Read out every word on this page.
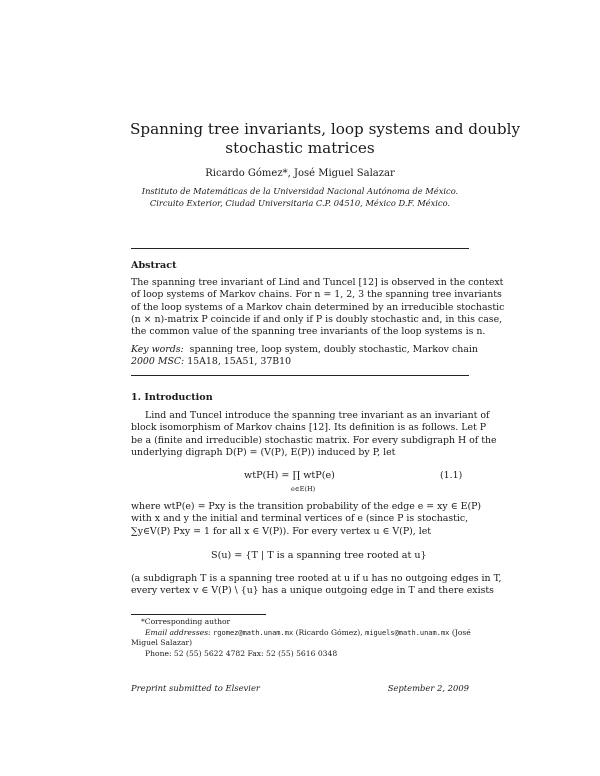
Spanning tree invariants, loop systems and doubly
stochastic matrices
Ricardo Gómez*, José Miguel Salazar
Instituto de Matemáticas de la Universidad Nacional Autónoma de México.
Circuito Exterior, Ciudad Universitaria C.P. 04510, México D.F. México.
Abstract
The spanning tree invariant of Lind and Tuncel [12] is observed in the context
of loop systems of Markov chains. For n = 1, 2, 3 the spanning tree invariants
of the loop systems of a Markov chain determined by an irreducible stochastic
(n × n)-matrix P coincide if and only if P is doubly stochastic and, in this case,
the common value of the spanning tree invariants of the loop systems is n.
Key words: spanning tree, loop system, doubly stochastic, Markov chain
2000 MSC: 15A18, 15A51, 37B10
1. Introduction
Lind and Tuncel introduce the spanning tree invariant as an invariant of
block isomorphism of Markov chains [12]. Its definition is as follows. Let P
be a (finite and irreducible) stochastic matrix. For every subdigraph H of the
underlying digraph D(P) = (V(P), E(P)) induced by P, let
wtP(H) = ∏ wtP(e)
e∈E(H)
(1.1)
where wtP(e) = Pxy is the transition probability of the edge e = xy ∈ E(P)
with x and y the initial and terminal vertices of e (since P is stochastic,
∑y∈V(P) Pxy = 1 for all x ∈ V(P)). For every vertex u ∈ V(P), let
S(u) = {T | T is a spanning tree rooted at u}
(a subdigraph T is a spanning tree rooted at u if u has no outgoing edges in T,
every vertex v ∈ V(P) \ {u} has a unique outgoing edge in T and there exists
*Corresponding author
Email addresses: rgomez@math.unam.mx (Ricardo Gómez), miguels@math.unam.mx (José
Miguel Salazar)
Phone: 52 (55) 5622 4782 Fax: 52 (55) 5616 0348
Preprint submitted to Elsevier	September 2, 2009
